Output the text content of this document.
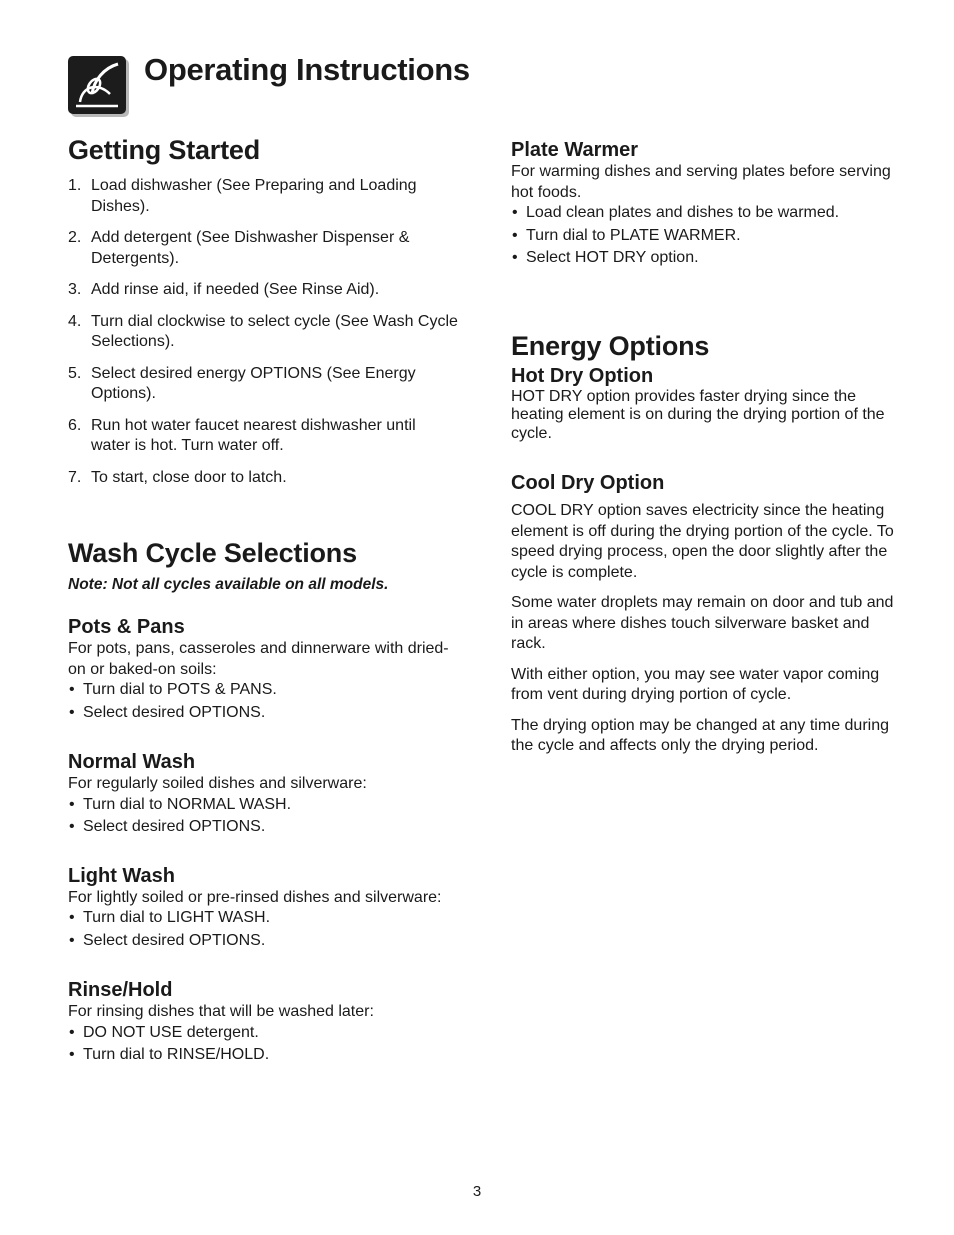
Operating Instructions
Getting Started
1. Load dishwasher (See Preparing and Loading Dishes).
2. Add detergent (See Dishwasher Dispenser & Detergents).
3. Add rinse aid, if needed (See Rinse Aid).
4. Turn dial clockwise to select cycle (See Wash Cycle Selections).
5. Select desired energy OPTIONS (See Energy Options).
6. Run hot water faucet nearest dishwasher until water is hot. Turn water off.
7. To start, close door to latch.
Wash Cycle Selections

Note: Not all cycles available on all models.

Pots & Pans

For pots, pans, casseroles and dinnerware with dried-on or baked-on soils:

• Turn dial to POTS & PANS.
• Select desired OPTIONS.
Normal Wash

For regularly soiled dishes and silverware:

• Turn dial to NORMAL WASH.
• Select desired OPTIONS.
Light Wash

For lightly soiled or pre-rinsed dishes and silverware:

• Turn dial to LIGHT WASH.
• Select desired OPTIONS.
Rinse/Hold

For rinsing dishes that will be washed later:

• DO NOT USE detergent.
• Turn dial to RINSE/HOLD.
Plate Warmer

For warming dishes and serving plates before serving hot foods.

• Load clean plates and dishes to be warmed.
• Turn dial to PLATE WARMER.
• Select HOT DRY option.
Energy Options
Hot Dry Option

HOT DRY option provides faster drying since the heating element is on during the drying portion of the cycle.

Cool Dry Option

COOL DRY option saves electricity since the heating element is off during the drying portion of the cycle. To speed drying process, open the door slightly after the cycle is complete.

Some water droplets may remain on door and tub and in areas where dishes touch silverware basket and rack.

With either option, you may see water vapor coming from vent during drying portion of cycle.

The drying option may be changed at any time during the cycle and affects only the drying period.

3
